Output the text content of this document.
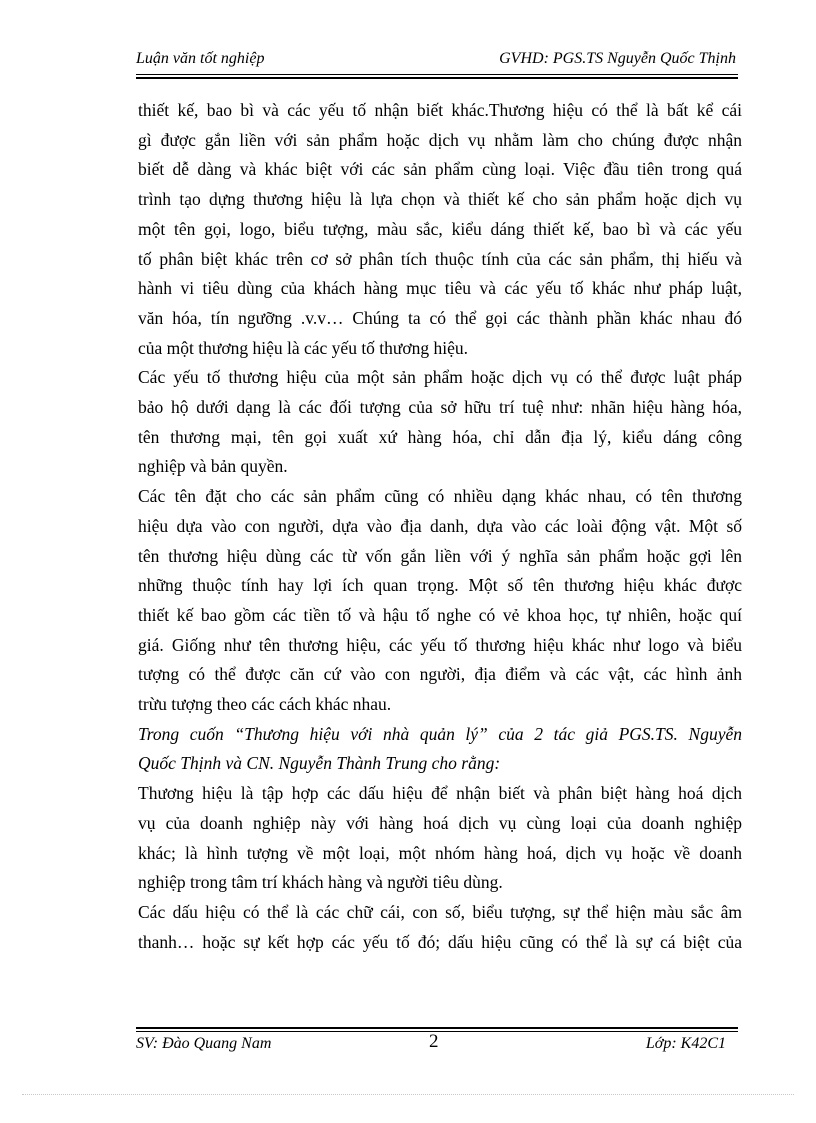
Luận văn tốt nghiệp	GVHD: PGS.TS Nguyễn Quốc Thịnh

thiết kế, bao bì và các yếu tố nhận biết khác.Thương hiệu có thể là bất kể cái
gì được gắn liền với sản phẩm hoặc dịch vụ nhằm làm cho chúng được nhận
biết dễ dàng và khác biệt với các sản phẩm cùng loại. Việc đầu tiên trong quá
trình tạo dựng thương hiệu là lựa chọn và thiết kế cho sản phẩm hoặc dịch vụ
một tên gọi, logo, biểu tượng, màu sắc, kiểu dáng thiết kế, bao bì và các yếu
tố phân biệt khác trên cơ sở phân tích thuộc tính của các sản phẩm, thị hiếu và
hành vi tiêu dùng của khách hàng mục tiêu và các yếu tố khác như pháp luật,
văn hóa, tín ngưỡng .v.v… Chúng ta có thể gọi các thành phần khác nhau đó
của một thương hiệu là các yếu tố thương hiệu.

Các yếu tố thương hiệu của một sản phẩm hoặc dịch vụ có thể được luật pháp
bảo hộ dưới dạng là các đối tượng của sở hữu trí tuệ như: nhãn hiệu hàng hóa,
tên thương mại, tên gọi xuất xứ hàng hóa, chỉ dẫn địa lý, kiểu dáng công
nghiệp và bản quyền.

Các tên đặt cho các sản phẩm cũng có nhiều dạng khác nhau, có tên thương
hiệu dựa vào con người, dựa vào địa danh, dựa vào các loài động vật. Một số
tên thương hiệu dùng các từ vốn gắn liền với ý nghĩa sản phẩm hoặc gợi lên
những thuộc tính hay lợi ích quan trọng. Một số tên thương hiệu khác được
thiết kế bao gồm các tiền tố và hậu tố nghe có vẻ khoa học, tự nhiên, hoặc quí
giá. Giống như tên thương hiệu, các yếu tố thương hiệu khác như logo và biểu
tượng có thể được căn cứ vào con người, địa điểm và các vật, các hình ảnh
trừu tượng theo các cách khác nhau.

Trong cuốn “Thương hiệu với nhà quản lý” của 2 tác giả PGS.TS. Nguyễn
Quốc Thịnh và CN. Nguyễn Thành Trung cho rằng:

Thương hiệu là tập hợp các dấu hiệu để nhận biết và phân biệt hàng hoá dịch
vụ của doanh nghiệp này với hàng hoá dịch vụ cùng loại của doanh nghiệp
khác; là hình tượng về một loại, một nhóm hàng hoá, dịch vụ hoặc về doanh
nghiệp trong tâm trí khách hàng và người tiêu dùng.

Các dấu hiệu có thể là các chữ cái, con số, biểu tượng, sự thể hiện màu sắc âm
thanh… hoặc sự kết hợp các yếu tố đó; dấu hiệu cũng có thể là sự cá biệt của

SV: Đào Quang Nam	2	Lớp: K42C1
